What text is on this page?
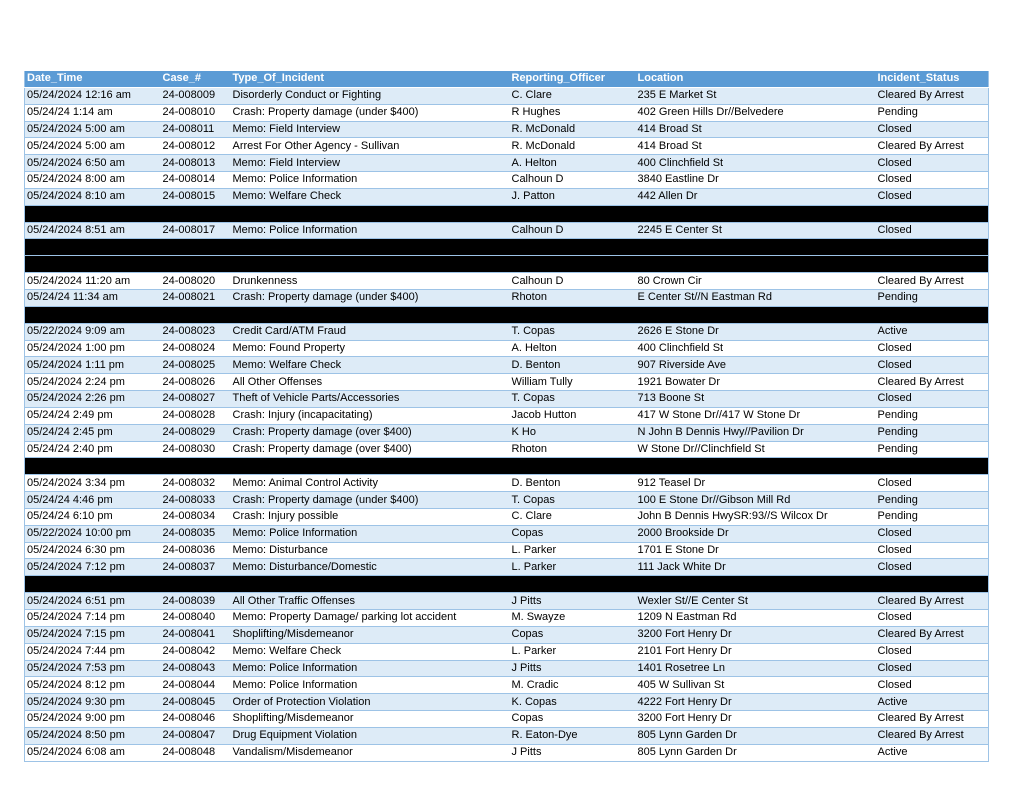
Date_Time	Case_#	Type_Of_Incident	Reporting_Officer	Location	Incident_Status
05/24/2024 12:16 am	24-008009	Disorderly Conduct or Fighting	C. Clare	235 E Market St	Cleared By Arrest
05/24/24 1:14 am	24-008010	Crash: Property damage (under $400)	R Hughes	402 Green Hills Dr//Belvedere	Pending
05/24/2024 5:00 am	24-008011	Memo: Field Interview	R. McDonald	414 Broad St	Closed
05/24/2024 5:00 am	24-008012	Arrest For Other Agency - Sullivan	R. McDonald	414 Broad St	Cleared By Arrest
05/24/2024 6:50 am	24-008013	Memo: Field Interview	A. Helton	400 Clinchfield St	Closed
05/24/2024 8:00 am	24-008014	Memo: Police Information	Calhoun D	3840 Eastline Dr	Closed
05/24/2024 8:10 am	24-008015	Memo: Welfare Check	J. Patton	442 Allen Dr	Closed

05/24/2024 8:51 am	24-008017	Memo: Police Information	Calhoun D	2245 E Center St	Closed

05/24/2024 11:20 am	24-008020	Drunkenness	Calhoun D	80 Crown Cir	Cleared By Arrest
05/24/24 11:34 am	24-008021	Crash: Property damage (under $400)	Rhoton	E Center St//N Eastman Rd	Pending

05/22/2024 9:09 am	24-008023	Credit Card/ATM Fraud	T. Copas	2626 E Stone Dr	Active
05/24/2024 1:00 pm	24-008024	Memo: Found Property	A. Helton	400 Clinchfield St	Closed
05/24/2024 1:11 pm	24-008025	Memo: Welfare Check	D. Benton	907 Riverside Ave	Closed
05/24/2024 2:24 pm	24-008026	All Other Offenses	William Tully	1921 Bowater Dr	Cleared By Arrest
05/24/2024 2:26 pm	24-008027	Theft of Vehicle Parts/Accessories	T. Copas	713 Boone St	Closed
05/24/24 2:49 pm	24-008028	Crash: Injury (incapacitating)	Jacob Hutton	417 W Stone Dr//417 W Stone Dr	Pending
05/24/24 2:45 pm	24-008029	Crash: Property damage (over $400)	K Ho	N John B Dennis Hwy//Pavilion Dr	Pending
05/24/24 2:40 pm	24-008030	Crash: Property damage (over $400)	Rhoton	W Stone Dr//Clinchfield St	Pending

05/24/2024 3:34 pm	24-008032	Memo: Animal Control Activity	D. Benton	912 Teasel Dr	Closed
05/24/24 4:46 pm	24-008033	Crash: Property damage (under $400)	T. Copas	100 E Stone Dr//Gibson Mill Rd	Pending
05/24/24 6:10 pm	24-008034	Crash: Injury possible	C. Clare	John B Dennis HwySR:93//S Wilcox Dr	Pending
05/22/2024 10:00 pm	24-008035	Memo: Police Information	Copas	2000 Brookside Dr	Closed
05/24/2024 6:30 pm	24-008036	Memo: Disturbance	L. Parker	1701 E Stone Dr	Closed
05/24/2024 7:12 pm	24-008037	Memo: Disturbance/Domestic	L. Parker	111 Jack White Dr	Closed

05/24/2024 6:51 pm	24-008039	All Other Traffic Offenses	J Pitts	Wexler St//E Center St	Cleared By Arrest
05/24/2024 7:14 pm	24-008040	Memo: Property Damage/ parking lot accident	M. Swayze	1209 N Eastman Rd	Closed
05/24/2024 7:15 pm	24-008041	Shoplifting/Misdemeanor	Copas	3200 Fort Henry Dr	Cleared By Arrest
05/24/2024 7:44 pm	24-008042	Memo: Welfare Check	L. Parker	2101 Fort Henry Dr	Closed
05/24/2024 7:53 pm	24-008043	Memo: Police Information	J Pitts	1401 Rosetree Ln	Closed
05/24/2024 8:12 pm	24-008044	Memo: Police Information	M. Cradic	405 W Sullivan St	Closed
05/24/2024 9:30 pm	24-008045	Order of Protection Violation	K. Copas	4222 Fort Henry Dr	Active
05/24/2024 9:00 pm	24-008046	Shoplifting/Misdemeanor	Copas	3200 Fort Henry Dr	Cleared By Arrest
05/24/2024 8:50 pm	24-008047	Drug Equipment Violation	R. Eaton-Dye	805 Lynn Garden Dr	Cleared By Arrest
05/24/2024 6:08 am	24-008048	Vandalism/Misdemeanor	J Pitts	805 Lynn Garden Dr	Active
